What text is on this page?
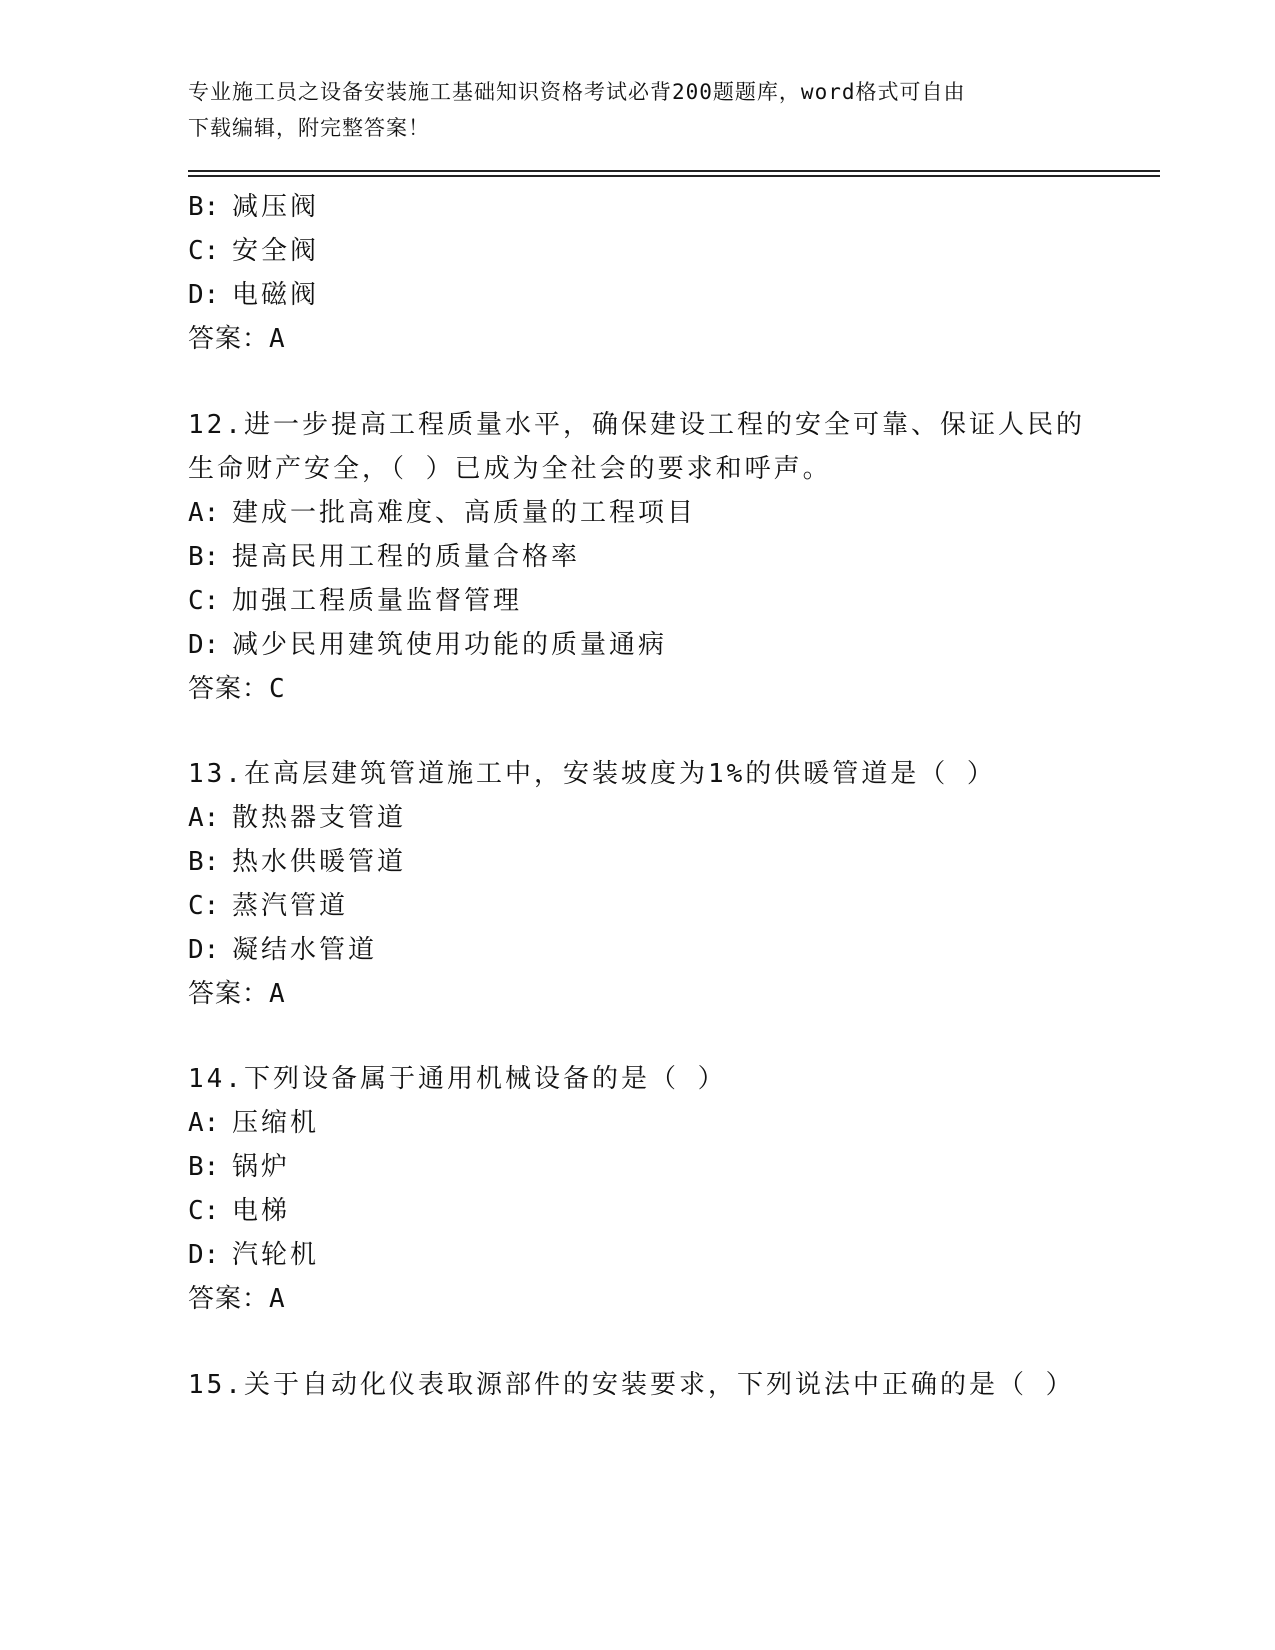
专业施工员之设备安装施工基础知识资格考试必背200题题库，word格式可自由
下载编辑，附完整答案！
B: 减压阀
C: 安全阀
D: 电磁阀
答案：A
12.进一步提高工程质量水平，确保建设工程的安全可靠、保证人民的
生命财产安全，（ ）已成为全社会的要求和呼声。
A: 建成一批高难度、高质量的工程项目
B: 提高民用工程的质量合格率
C: 加强工程质量监督管理
D: 减少民用建筑使用功能的质量通病
答案：C
13.在高层建筑管道施工中，安装坡度为1%的供暖管道是（ ）
A: 散热器支管道
B: 热水供暖管道
C: 蒸汽管道
D: 凝结水管道
答案：A
14.下列设备属于通用机械设备的是（ ）
A: 压缩机
B: 锅炉
C: 电梯
D: 汽轮机
答案：A
15.关于自动化仪表取源部件的安装要求，下列说法中正确的是（ ）
